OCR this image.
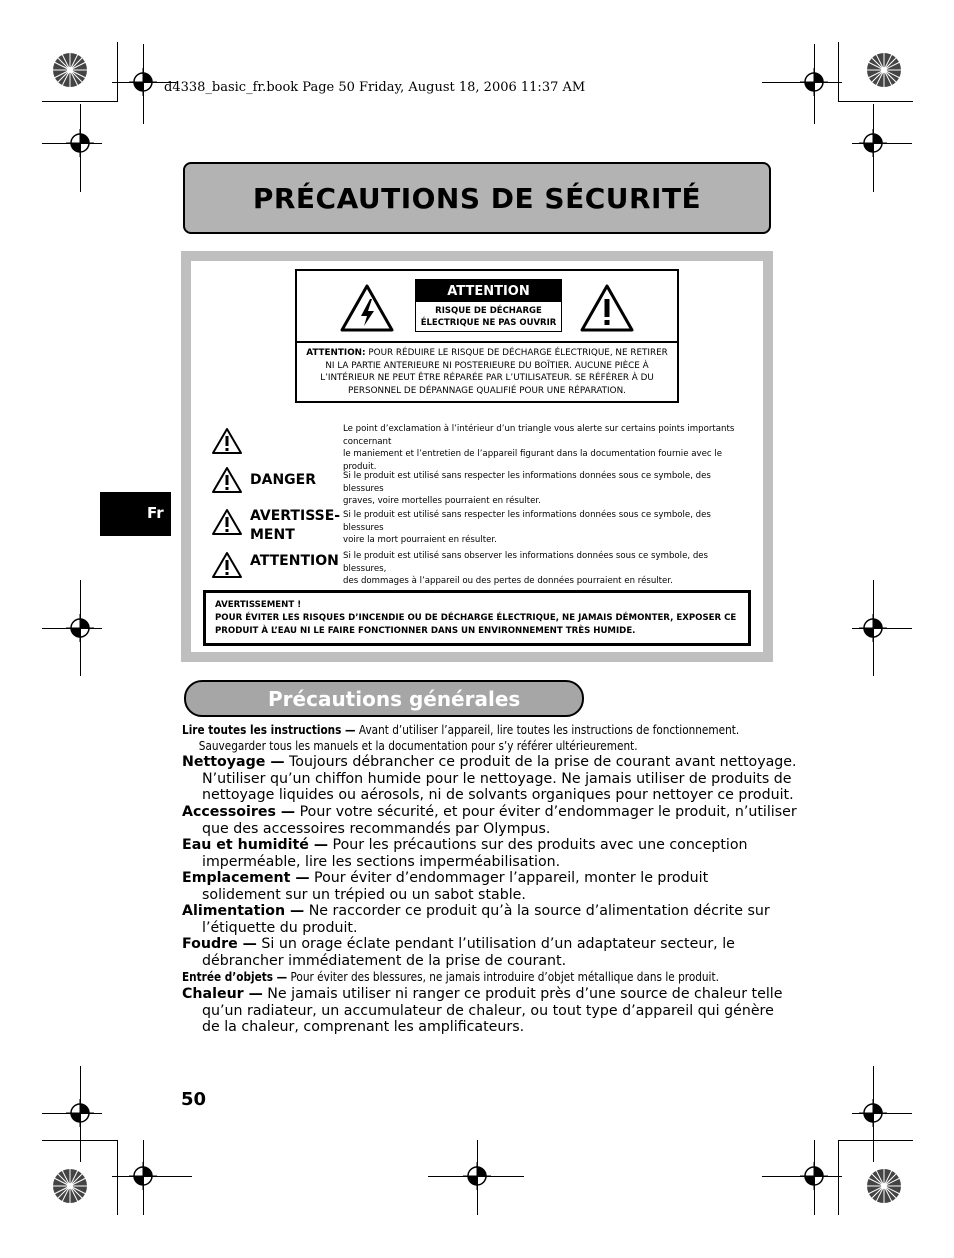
d4338_basic_fr.book Page 50 Friday, August 18, 2006 11:37 AM
PRÉCAUTIONS DE SÉCURITÉ
ATTENTION
RISQUE DE DÉCHARGE
ÉLECTRIQUE NE PAS OUVRIR
ATTENTION: POUR RÉDUIRE LE RISQUE DE DÉCHARGE ÉLECTRIQUE, NE RETIRER
NI LA PARTIE ANTERIEURE NI POSTERIEURE DU BOÎTIER. AUCUNE PIÈCE À
L’INTÉRIEUR NE PEUT ÊTRE RÉPARÉE PAR L’UTILISATEUR. SE RÉFÉRER À DU
PERSONNEL DE DÉPANNAGE QUALIFIÉ POUR UNE RÉPARATION.
Le point d’exclamation à l’intérieur d’un triangle vous alerte sur certains points importants concernant
le maniement et l’entretien de l’appareil figurant dans la documentation fournie avec le produit.
DANGER	Si le produit est utilisé sans respecter les informations données sous ce symbole, des blessures
graves, voire mortelles pourraient en résulter.
AVERTISSE-
MENT
Si le produit est utilisé sans respecter les informations données sous ce symbole, des blessures
voire la mort pourraient en résulter.
ATTENTION Si le produit est utilisé sans observer les informations données sous ce symbole, des blessures,
des dommages à l’appareil ou des pertes de données pourraient en résulter.
AVERTISSEMENT !
POUR ÉVITER LES RISQUES D’INCENDIE OU DE DÉCHARGE ÉLECTRIQUE, NE JAMAIS DÉMONTER, EXPOSER CE
PRODUIT À L’EAU NI LE FAIRE FONCTIONNER DANS UN ENVIRONNEMENT TRÈS HUMIDE.
Fr
Précautions générales
Lire toutes les instructions — Avant d’utiliser l’appareil, lire toutes les instructions de fonctionnement.
Sauvegarder tous les manuels et la documentation pour s’y référer ultérieurement.
Nettoyage — Toujours débrancher ce produit de la prise de courant avant nettoyage.
N’utiliser qu’un chiffon humide pour le nettoyage. Ne jamais utiliser de produits de
nettoyage liquides ou aérosols, ni de solvants organiques pour nettoyer ce produit.
Accessoires — Pour votre sécurité, et pour éviter d’endommager le produit, n’utiliser
que des accessoires recommandés par Olympus.
Eau et humidité — Pour les précautions sur des produits avec une conception
imperméable, lire les sections imperméabilisation.
Emplacement — Pour éviter d’endommager l’appareil, monter le produit
solidement sur un trépied ou un sabot stable.
Alimentation — Ne raccorder ce produit qu’à la source d’alimentation décrite sur
l’étiquette du produit.
Foudre — Si un orage éclate pendant l’utilisation d’un adaptateur secteur, le
débrancher immédiatement de la prise de courant.
Entrée d’objets — Pour éviter des blessures, ne jamais introduire d’objet métallique dans le produit.
Chaleur — Ne jamais utiliser ni ranger ce produit près d’une source de chaleur telle
qu’un radiateur, un accumulateur de chaleur, ou tout type d’appareil qui génère
de la chaleur, comprenant les amplificateurs.
50
